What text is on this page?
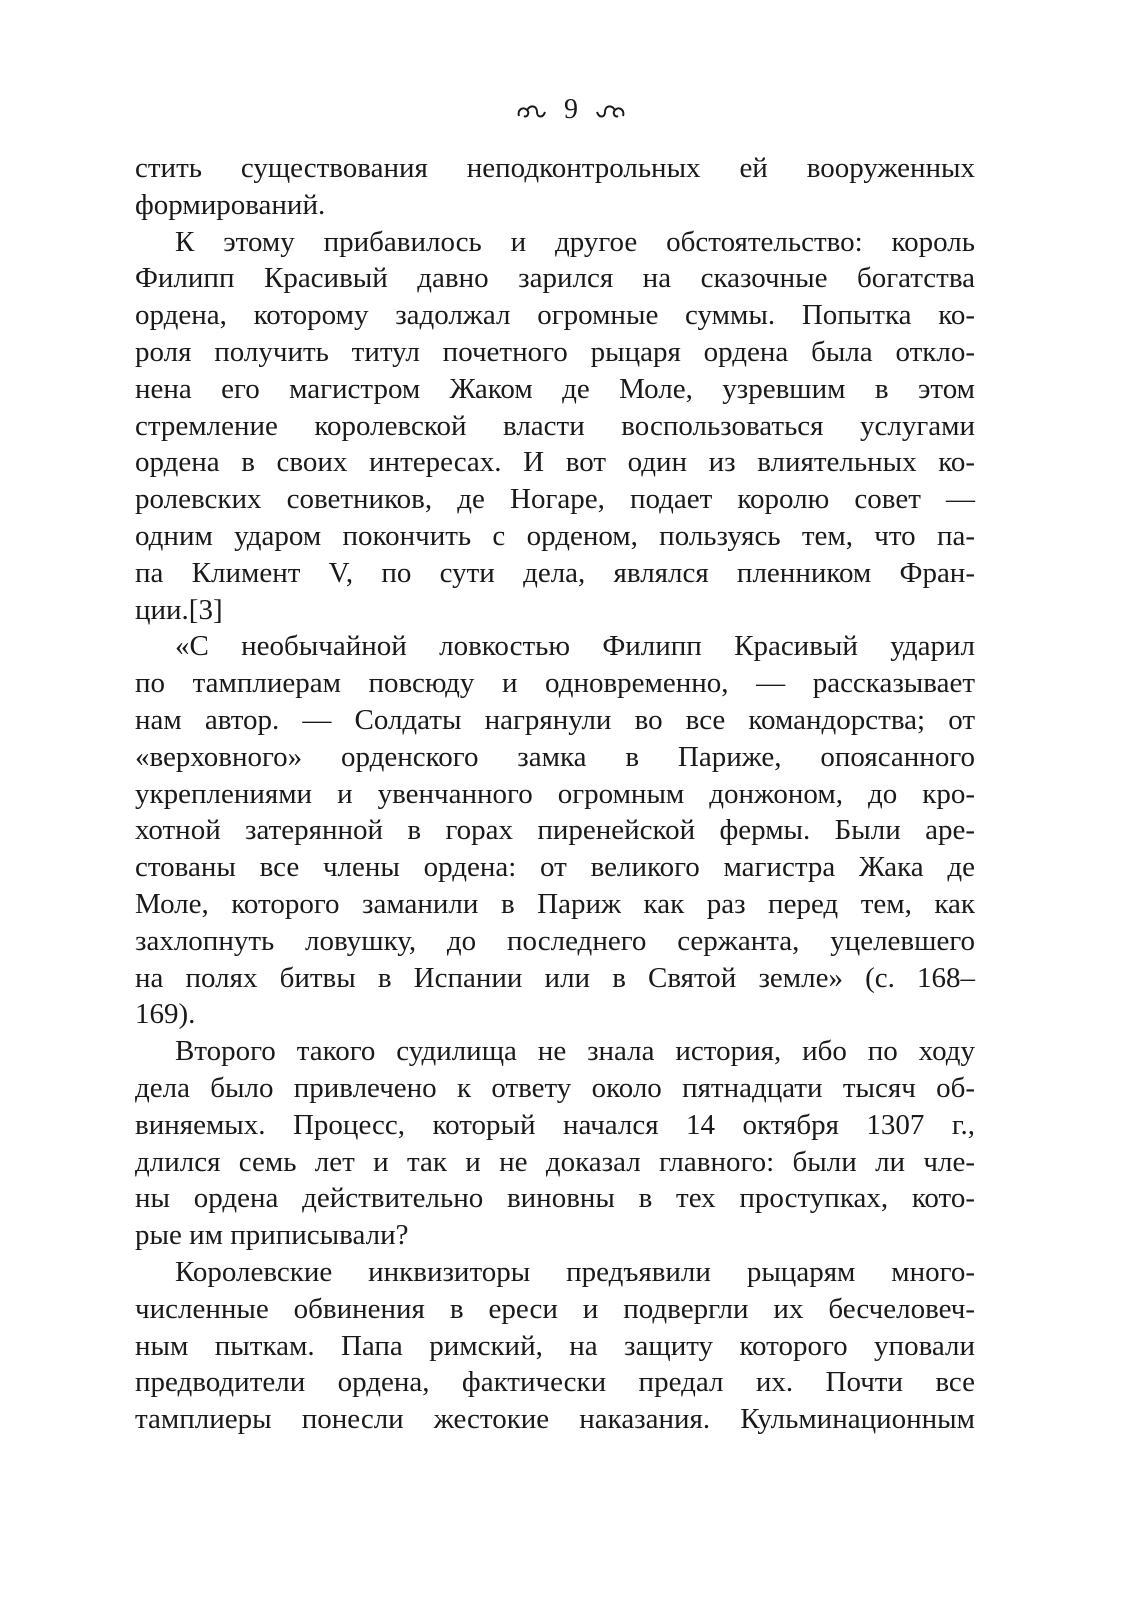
9
стить существования неподконтрольных ей вооруженных
формирований.
К этому прибавилось и другое обстоятельство: король
Филипп Красивый давно зарился на сказочные богатства
ордена, которому задолжал огромные суммы. Попытка ко-
роля получить титул почетного рыцаря ордена была откло-
нена его магистром Жаком де Моле, узревшим в этом
стремление королевской власти воспользоваться услугами
ордена в своих интересах. И вот один из влиятельных ко-
ролевских советников, де Ногаре, подает королю совет —
одним ударом покончить с орденом, пользуясь тем, что па-
па Климент V, по сути дела, являлся пленником Фран-
ции.[3]
«С необычайной ловкостью Филипп Красивый ударил
по тамплиерам повсюду и одновременно, — рассказывает
нам автор. — Солдаты нагрянули во все командорства; от
«верховного» орденского замка в Париже, опоясанного
укреплениями и увенчанного огромным донжоном, до кро-
хотной затерянной в горах пиренейской фермы. Были аре-
стованы все члены ордена: от великого магистра Жака де
Моле, которого заманили в Париж как раз перед тем, как
захлопнуть ловушку, до последнего сержанта, уцелевшего
на полях битвы в Испании или в Святой земле» (с. 168–
169).
Второго такого судилища не знала история, ибо по ходу
дела было привлечено к ответу около пятнадцати тысяч об-
виняемых. Процесс, который начался 14 октября 1307 г.,
длился семь лет и так и не доказал главного: были ли чле-
ны ордена действительно виновны в тех проступках, кото-
рые им приписывали?
Королевские инквизиторы предъявили рыцарям много-
численные обвинения в ереси и подвергли их бесчеловеч-
ным пыткам. Папа римский, на защиту которого уповали
предводители ордена, фактически предал их. Почти все
тамплиеры понесли жестокие наказания. Кульминационным
